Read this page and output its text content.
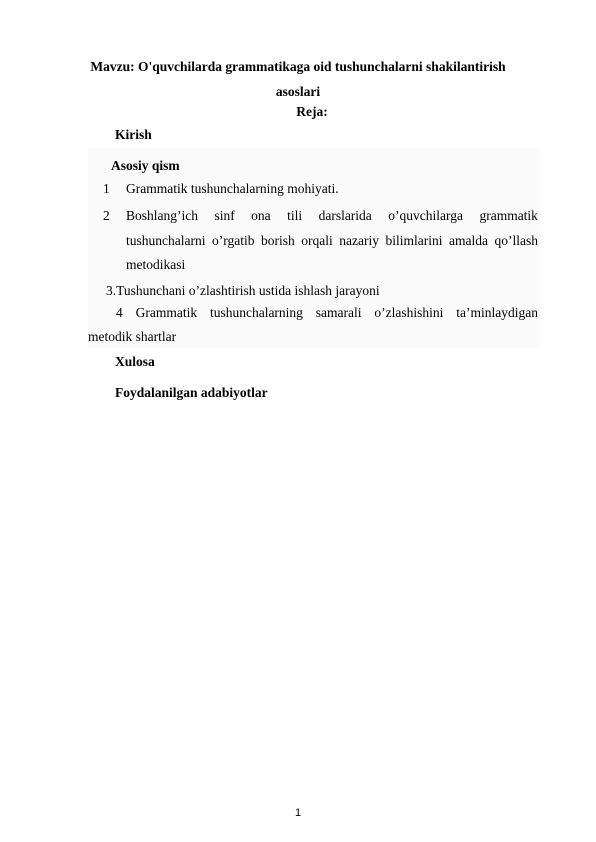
Mavzu: O'quvchilarda grammatikaga oid tushunchalarni shakilantirish
asoslari
Reja:
Kirish
Asosiy qism
1 Grammatik tushunchalarning mohiyati.
2 Boshlang’ich sinf ona tili darslarida o’quvchilarga grammatik
tushunchalarni o’rgatib borish orqali nazariy bilimlarini amalda qo’llash
metodikasi
3.Tushunchani o’zlashtirish ustida ishlash jarayoni
4 Grammatik tushunchalarning samarali o’zlashishini ta’minlaydigan
metodik shartlar
Xulosa
Foydalanilgan adabiyotlar
1
